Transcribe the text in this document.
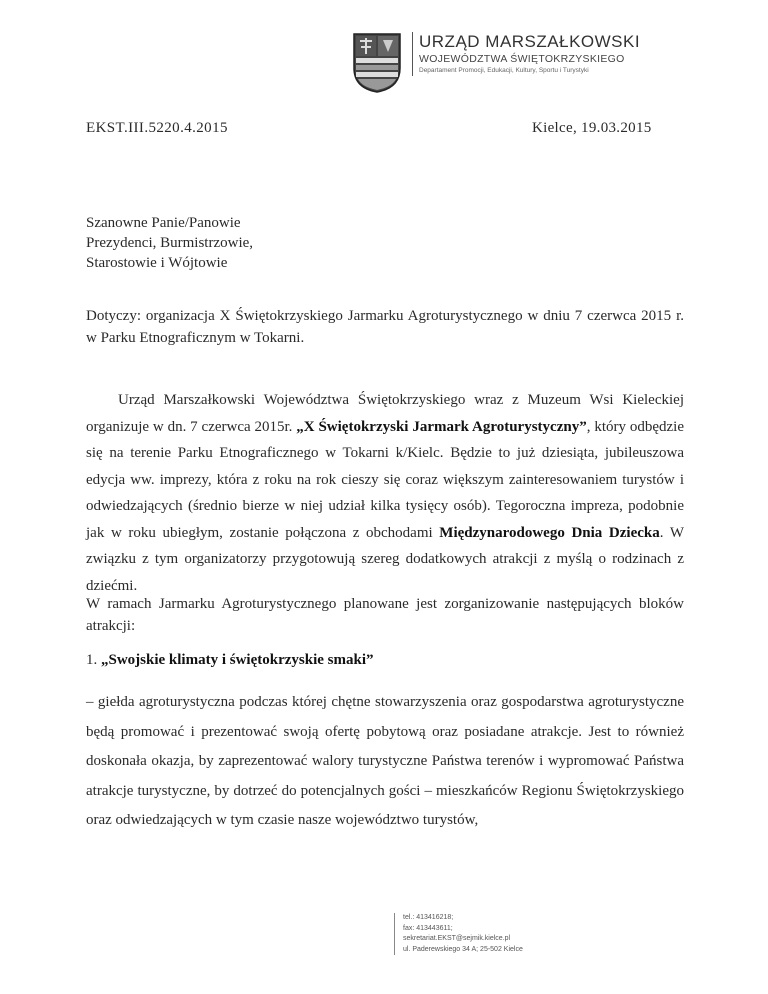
URZĄD MARSZAŁKOWSKI
WOJEWÓDZTWA ŚWIĘTOKRZYSKIEGO
Departament Promocji, Edukacji, Kultury, Sportu i Turystyki
EKST.III.5220.4.2015	Kielce, 19.03.2015
Szanowne Panie/Panowie
Prezydenci, Burmistrzowie,
Starostowie i Wójtowie
Dotyczy: organizacja X Świętokrzyskiego Jarmarku Agroturystycznego w dniu 7 czerwca 2015 r. w Parku Etnograficznym w Tokarni.
Urząd Marszałkowski Województwa Świętokrzyskiego wraz z Muzeum Wsi Kieleckiej organizuje w dn. 7 czerwca 2015r. „X Świętokrzyski Jarmark Agroturystyczny”, który odbędzie się na terenie Parku Etnograficznego w Tokarni k/Kielc. Będzie to już dziesiąta, jubileuszowa edycja ww. imprezy, która z roku na rok cieszy się coraz większym zainteresowaniem turystów i odwiedzających (średnio bierze w niej udział kilka tysięcy osób). Tegoroczna impreza, podobnie jak w roku ubiegłym, zostanie połączona z obchodami Międzynarodowego Dnia Dziecka. W związku z tym organizatorzy przygotowują szereg dodatkowych atrakcji z myślą o rodzinach z dziećmi.
W ramach Jarmarku Agroturystycznego planowane jest zorganizowanie następujących bloków atrakcji:
1. „Swojskie klimaty i świętokrzyskie smaki”
– giełda agroturystyczna podczas której chętne stowarzyszenia oraz gospodarstwa agroturystyczne będą promować i prezentować swoją ofertę pobytową oraz posiadane atrakcje. Jest to również doskonała okazja, by zaprezentować walory turystyczne Państwa terenów i wypromować Państwa atrakcje turystyczne, by dotrzeć do potencjalnych gości – mieszkańców Regionu Świętokrzyskiego oraz odwiedzających w tym czasie nasze województwo turystów,
tel.: 413416218;
fax: 413443611;
sekretariat.EKST@sejmik.kielce.pl
ul. Paderewskiego 34 A; 25-502 Kielce
